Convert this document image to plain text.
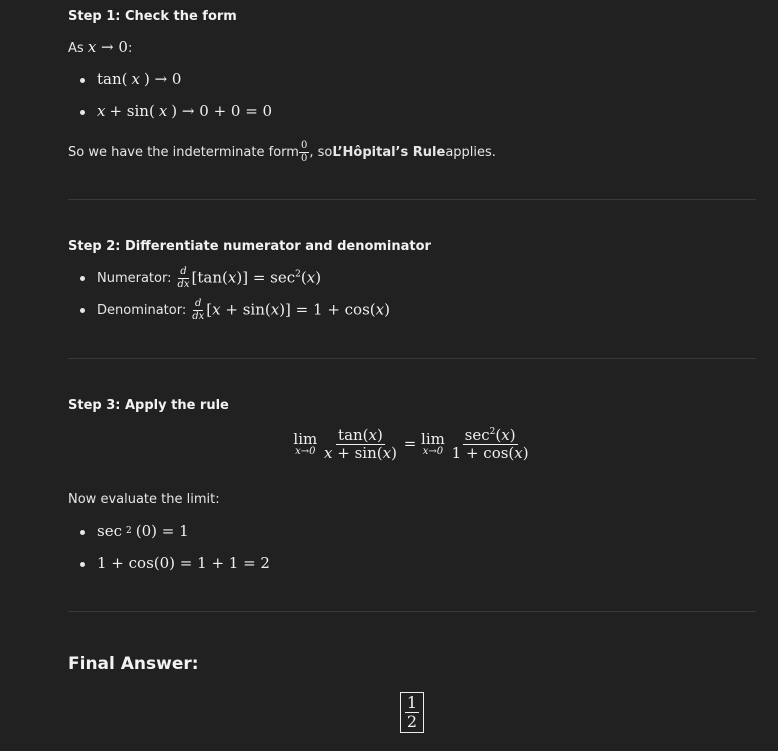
Step 1: Check the form
As x → 0:
tan( x ) → 0
x + sin( x ) → 0 + 0 = 0
So we have the indeterminate form $\frac{0}{0}$ , so L’Hôpital’s Rule applies.
Step 2: Differentiate numerator and denominator
Numerator: $\frac{d}{dx} [\tan(x)] = \sec^2(x)$
Denominator: $\frac{d}{dx} [x + \sin(x)] = 1 + \cos(x)$
Step 3: Apply the rule
lim
x→0
$\frac{\tan(x)}{x + \sin(x)} = \lim$
x→0
$\frac{\sec^2(x)}{1 + \cos(x)}$
Now evaluate the limit:
sec 2 (0) = 1
1 + cos(0) = 1 + 1 = 2
Final Answer:
$\frac{1}{2}$
